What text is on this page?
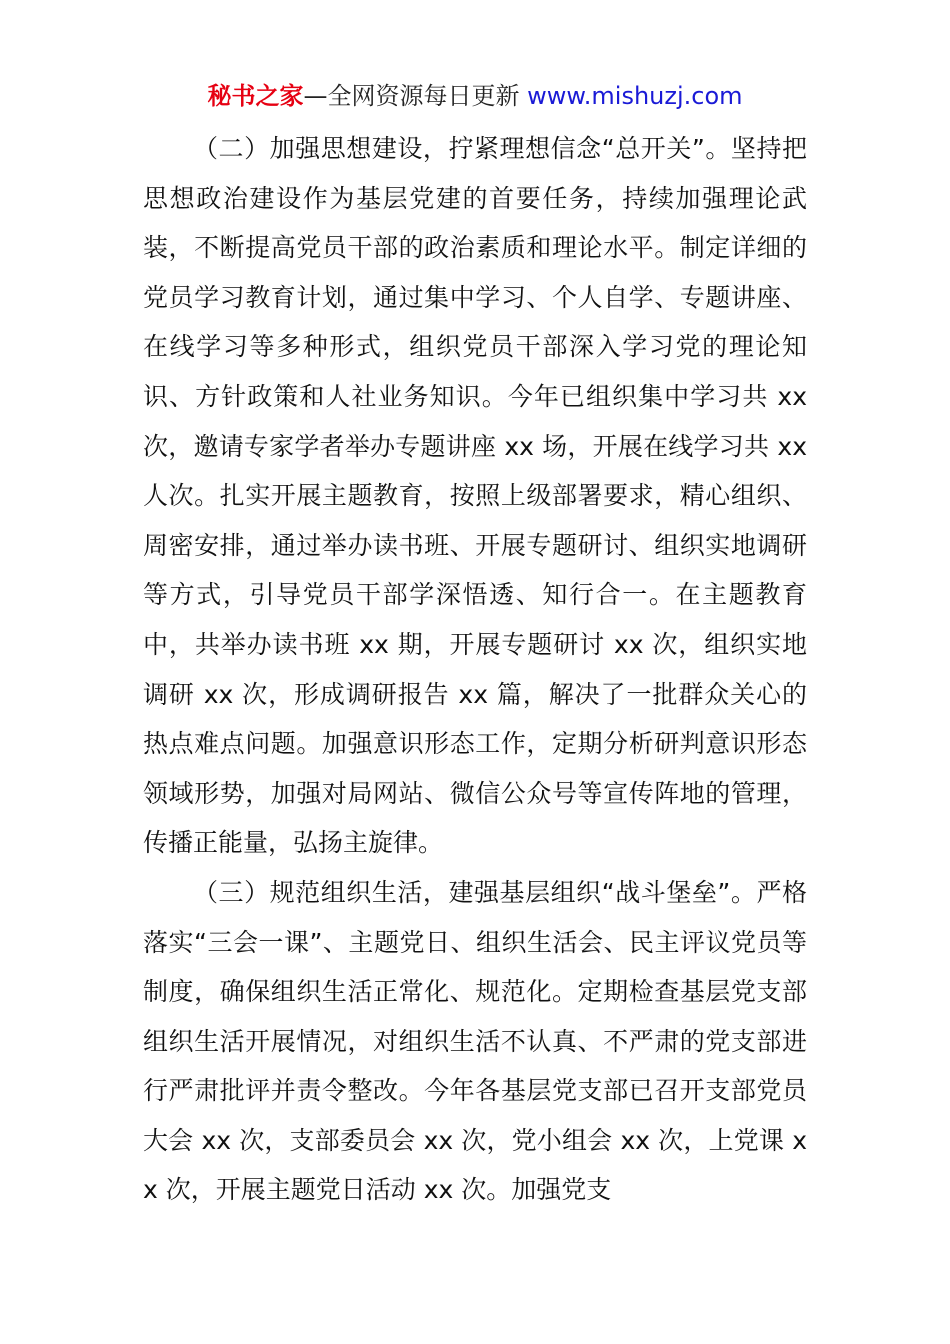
秘书之家—全网资源每日更新 www.mishuzj.com

（二）加强思想建设，拧紧理想信念“总开关”。坚持把思想政治建设作为基层党建的首要任务，持续加强理论武装，不断提高党员干部的政治素质和理论水平。制定详细的党员学习教育计划，通过集中学习、个人自学、专题讲座、在线学习等多种形式，组织党员干部深入学习党的理论知识、方针政策和人社业务知识。今年已组织集中学习共 xx 次，邀请专家学者举办专题讲座 xx 场，开展在线学习共 xx 人次。扎实开展主题教育，按照上级部署要求，精心组织、周密安排，通过举办读书班、开展专题研讨、组织实地调研等方式，引导党员干部学深悟透、知行合一。在主题教育中，共举办读书班 xx 期，开展专题研讨 xx 次，组织实地调研 xx 次，形成调研报告 xx 篇，解决了一批群众关心的热点难点问题。加强意识形态工作，定期分析研判意识形态领域形势，加强对局网站、微信公众号等宣传阵地的管理，传播正能量，弘扬主旋律。

（三）规范组织生活，建强基层组织“战斗堡垒”。严格落实“三会一课”、主题党日、组织生活会、民主评议党员等制度，确保组织生活正常化、规范化。定期检查基层党支部组织生活开展情况，对组织生活不认真、不严肃的党支部进行严肃批评并责令整改。今年各基层党支部已召开支部党员大会 xx 次，支部委员会 xx 次，党小组会 xx 次，上党课 xx 次，开展主题党日活动 xx 次。加强党支
